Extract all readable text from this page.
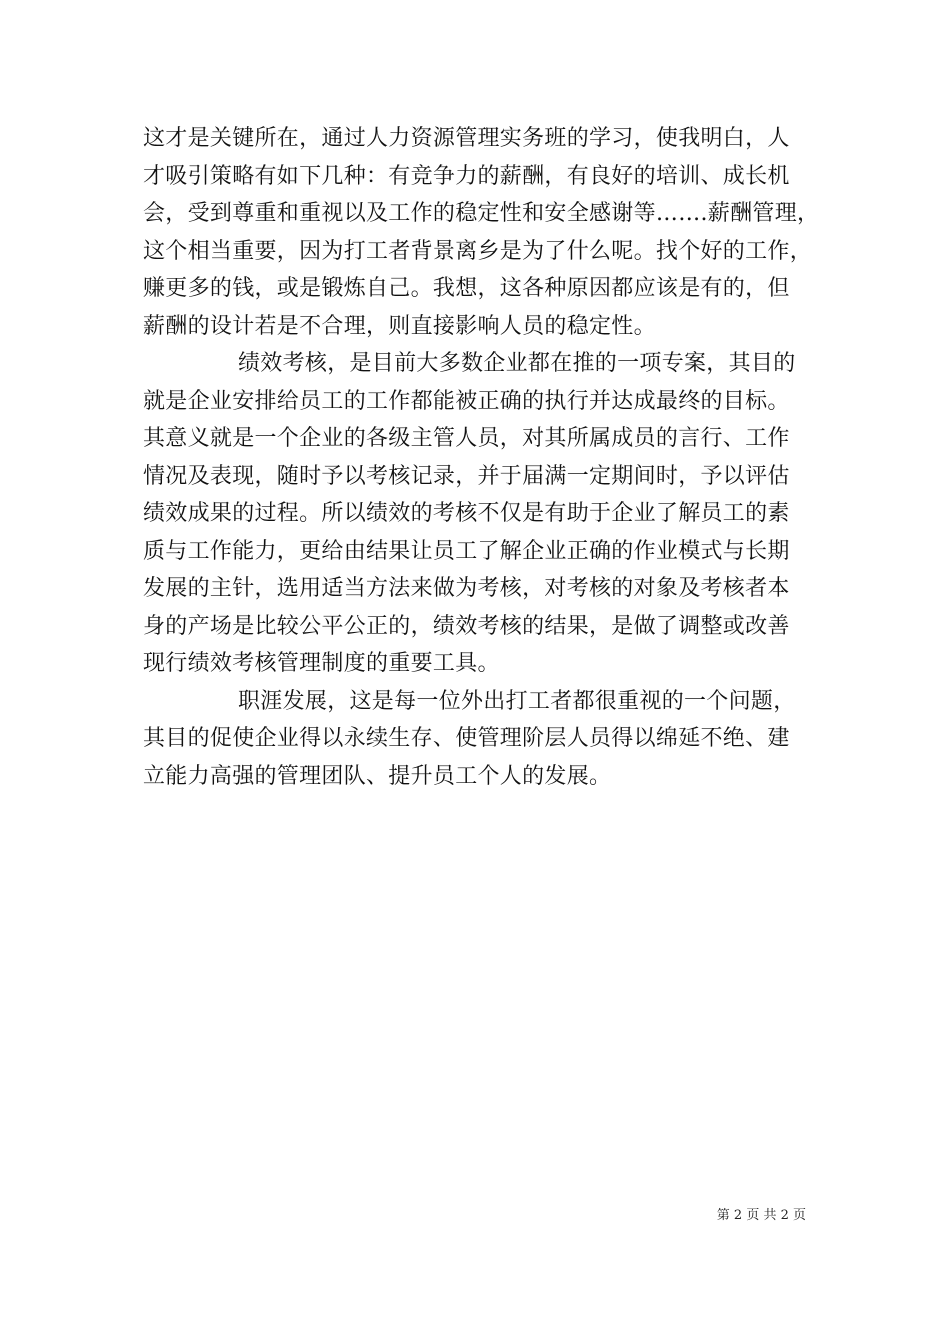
这才是关键所在，通过人力资源管理实务班的学习，使我明白，人
才吸引策略有如下几种：有竞争力的薪酬，有良好的培训、成长机
会，受到尊重和重视以及工作的稳定性和安全感谢等…….薪酬管理，
这个相当重要，因为打工者背景离乡是为了什么呢。找个好的工作，
赚更多的钱，或是锻炼自己。我想，这各种原因都应该是有的，但
薪酬的设计若是不合理，则直接影响人员的稳定性。
绩效考核，是目前大多数企业都在推的一项专案，其目的
就是企业安排给员工的工作都能被正确的执行并达成最终的目标。
其意义就是一个企业的各级主管人员，对其所属成员的言行、工作
情况及表现，随时予以考核记录，并于届满一定期间时，予以评估
绩效成果的过程。所以绩效的考核不仅是有助于企业了解员工的素
质与工作能力，更给由结果让员工了解企业正确的作业模式与长期
发展的主针，选用适当方法来做为考核，对考核的对象及考核者本
身的产场是比较公平公正的，绩效考核的结果，是做了调整或改善
现行绩效考核管理制度的重要工具。
职涯发展，这是每一位外出打工者都很重视的一个问题，
其目的促使企业得以永续生存、使管理阶层人员得以绵延不绝、建
立能力高强的管理团队、提升员工个人的发展。
第 2 页 共 2 页
